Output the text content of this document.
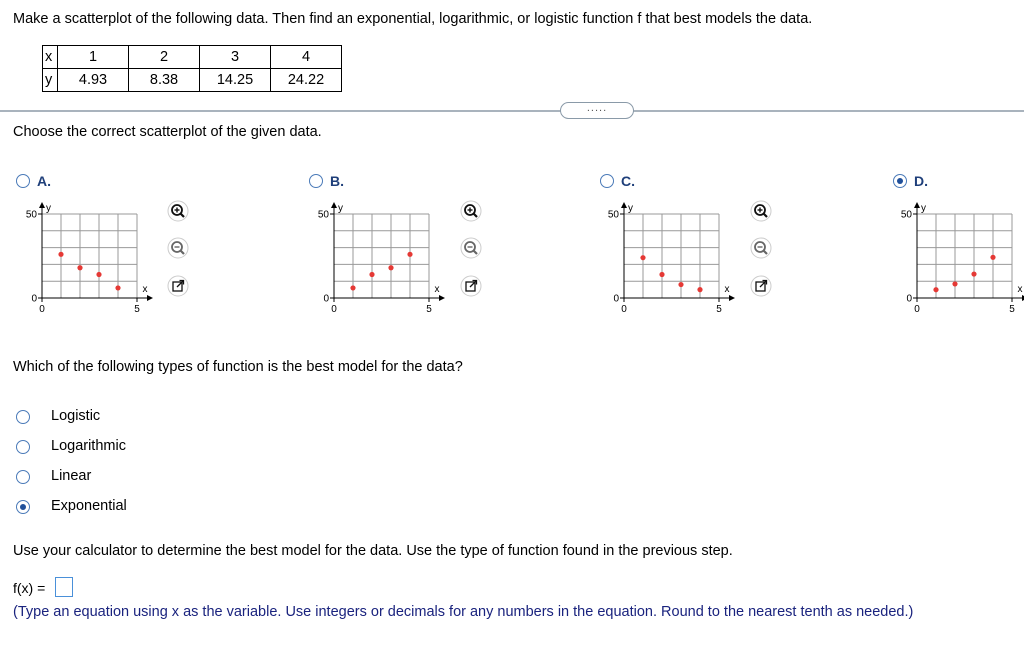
Make a scatterplot of the following data. Then find an exponential, logarithmic, or logistic function f that best models the data.
x	1	2	3	4
y	4.93	8.38	14.25	24.22
.....
Choose the correct scatterplot of the given data.
A.	B.	C.	D.
50
0
0	5
y
x
50
0
0	5
y
x
50
0
0	5
y
x
50
0
0	5
y
x
Which of the following types of function is the best model for the data?
Logistic
Logarithmic
Linear
Exponential
Use your calculator to determine the best model for the data. Use the type of function found in the previous step.
f(x) =
(Type an equation using x as the variable. Use integers or decimals for any numbers in the equation. Round to the nearest tenth as needed.)
